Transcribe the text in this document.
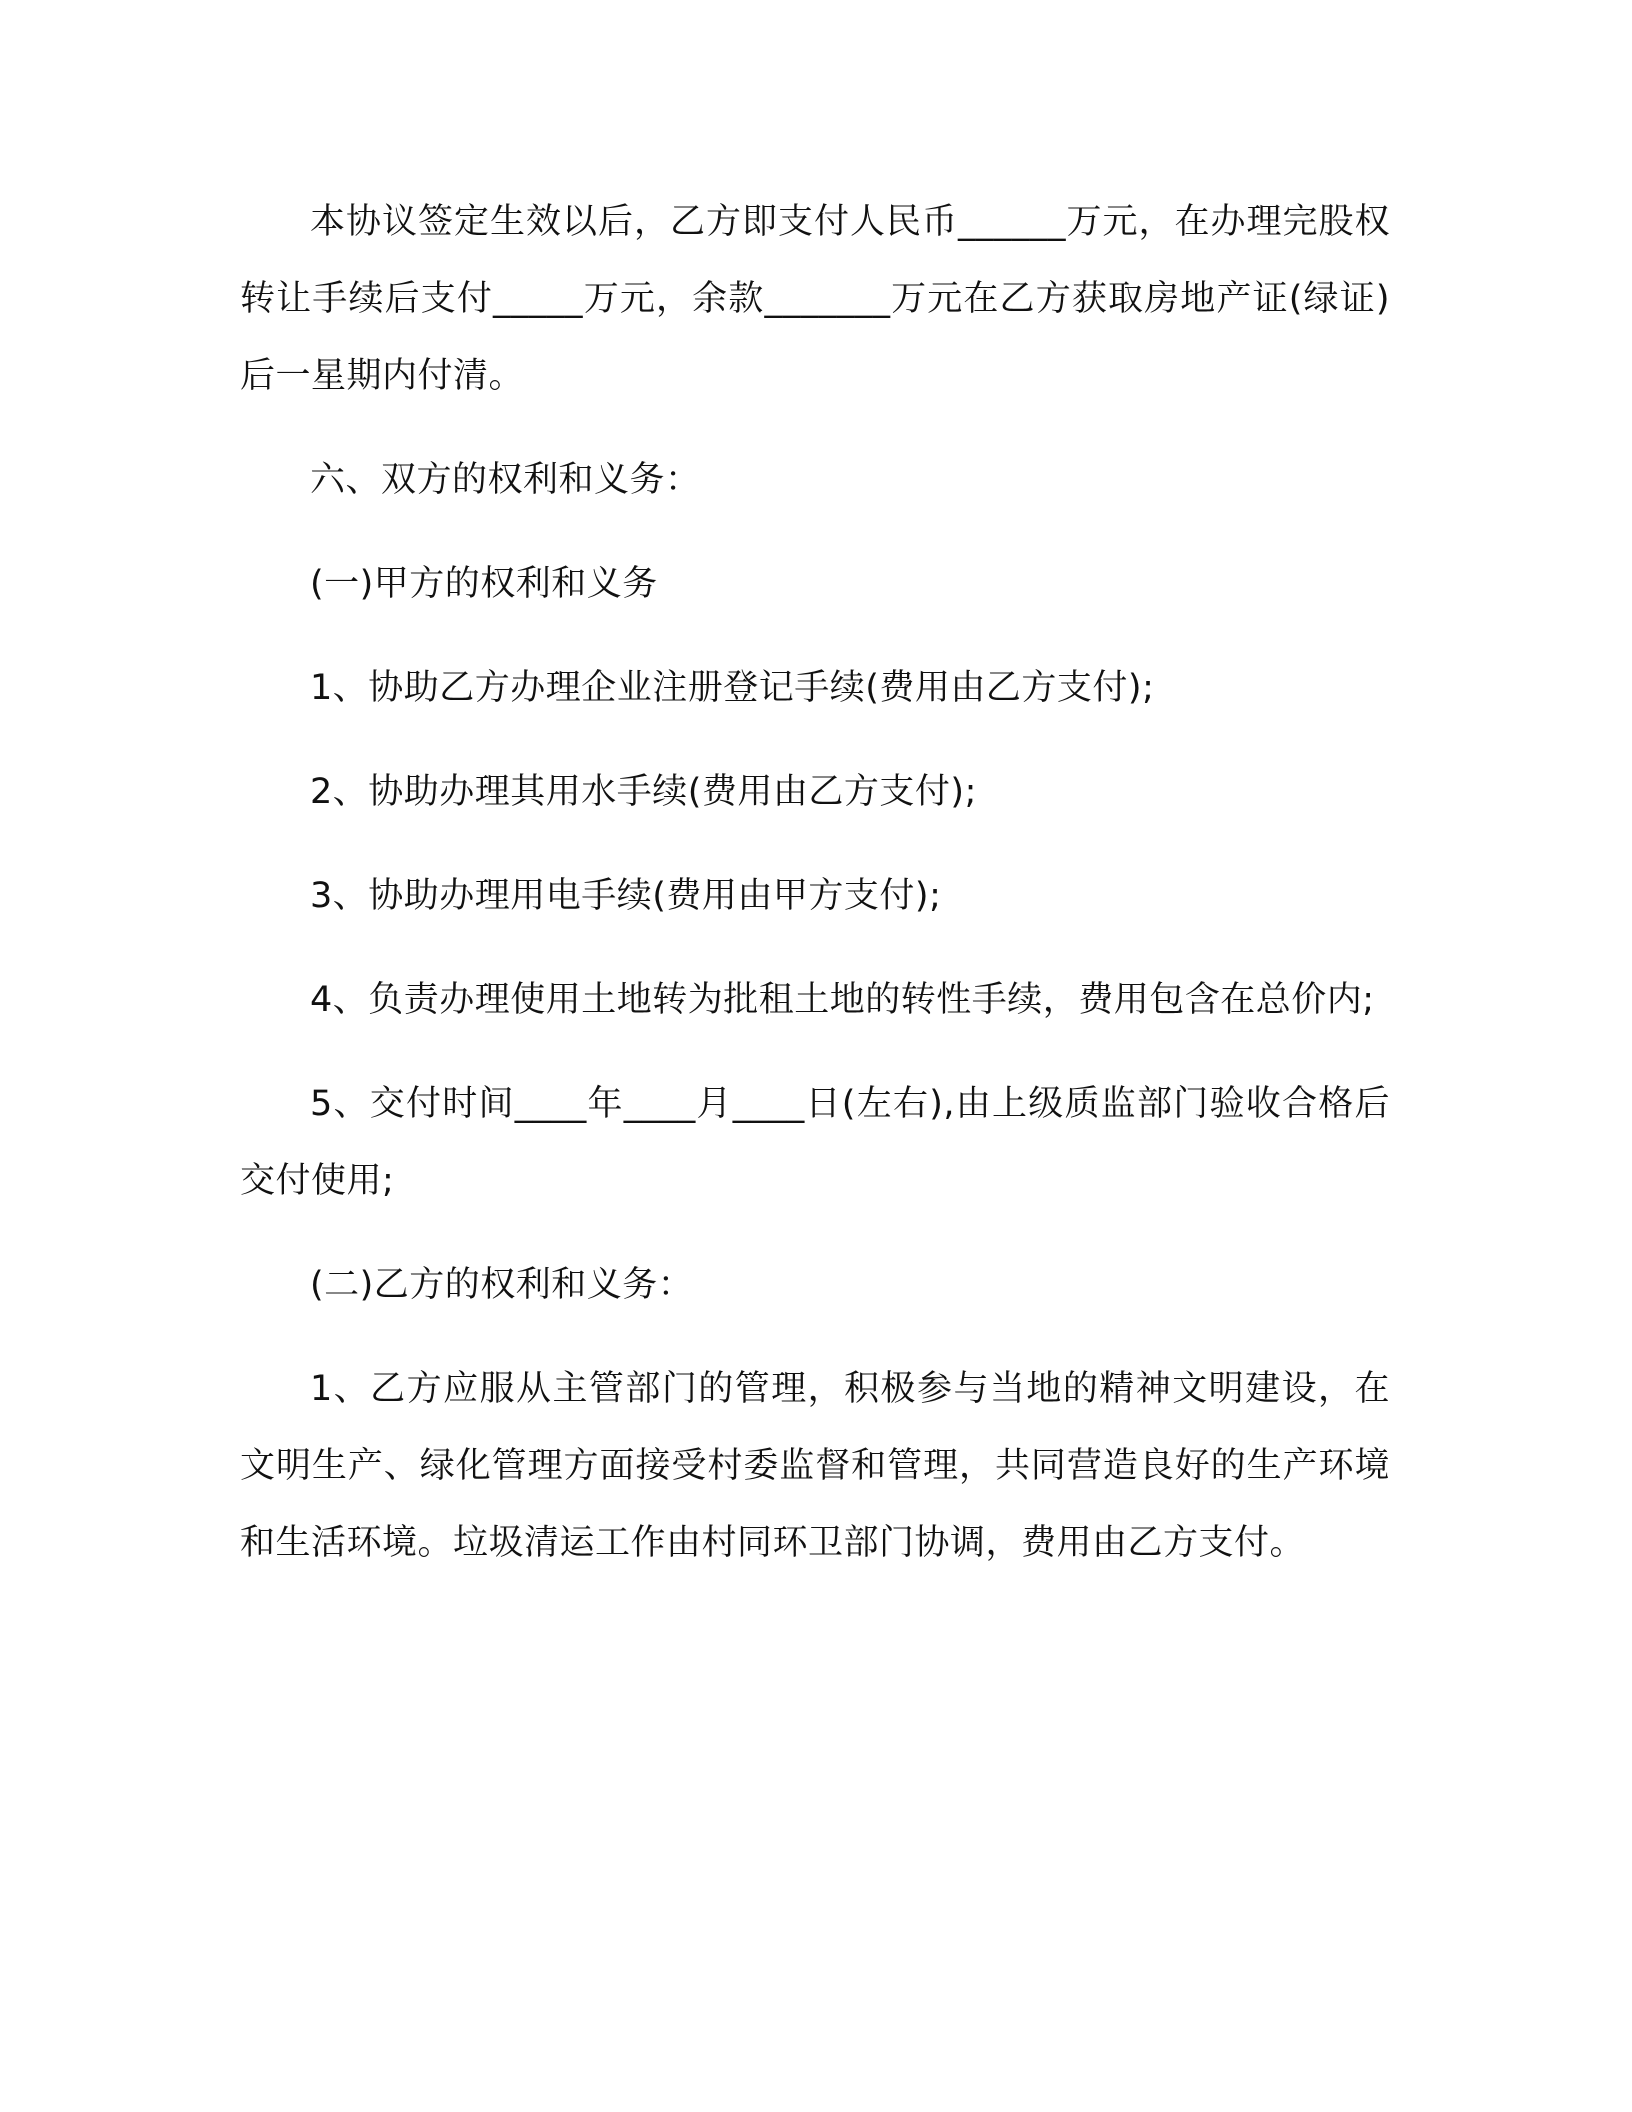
本协议签定生效以后，乙方即支付人民币______万元，在办理完股权转让手续后支付_____万元，余款_______万元在乙方获取房地产证(绿证)后一星期内付清。

六、双方的权利和义务：

(一)甲方的权利和义务

1、协助乙方办理企业注册登记手续(费用由乙方支付);

2、协助办理其用水手续(费用由乙方支付);

3、协助办理用电手续(费用由甲方支付);

4、负责办理使用土地转为批租土地的转性手续，费用包含在总价内;

5、交付时间____年____月____日(左右),由上级质监部门验收合格后交付使用;

(二)乙方的权利和义务：

1、乙方应服从主管部门的管理，积极参与当地的精神文明建设，在文明生产、绿化管理方面接受村委监督和管理，共同营造良好的生产环境和生活环境。垃圾清运工作由村同环卫部门协调，费用由乙方支付。
